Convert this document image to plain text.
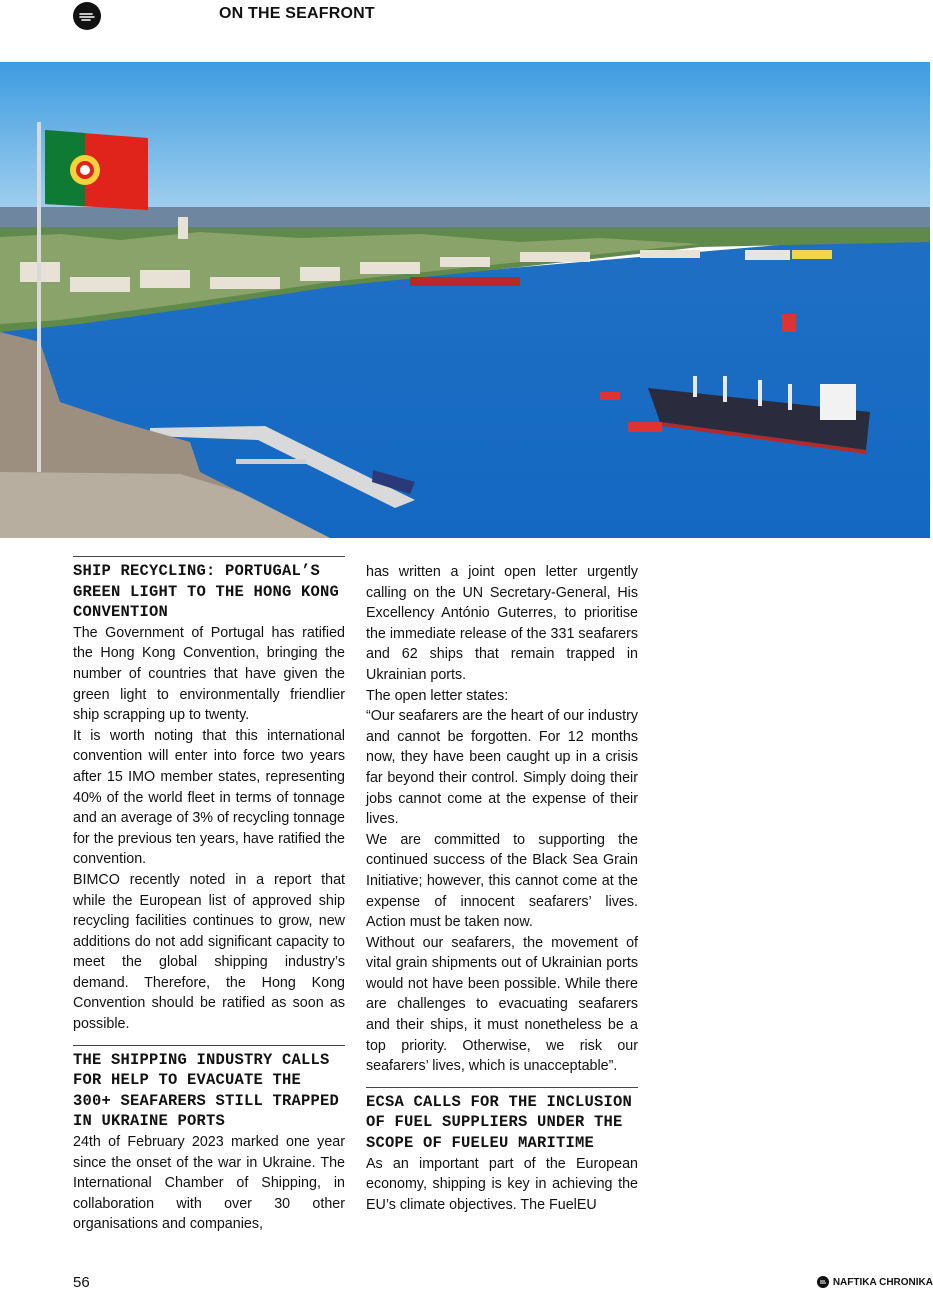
ON THE SEAFRONT
SHIP RECYCLING: PORTUGAL’S GREEN LIGHT TO THE HONG KONG CONVENTION

The Government of Portugal has ratified the Hong Kong Convention, bringing the number of countries that have given the green light to environmentally friendlier ship scrapping up to twenty.

It is worth noting that this international convention will enter into force two years after 15 IMO member states, representing 40% of the world fleet in terms of tonnage and an average of 3% of recycling tonnage for the previous ten years, have ratified the convention.

BIMCO recently noted in a report that while the European list of approved ship recycling facilities continues to grow, new additions do not add significant capacity to meet the global shipping industry’s demand. Therefore, the Hong Kong Convention should be ratified as soon as possible.

THE SHIPPING INDUSTRY CALLS FOR HELP TO EVACUATE THE 300+ SEAFARERS STILL TRAPPED IN UKRAINE PORTS

24th of February 2023 marked one year since the onset of the war in Ukraine. The International Chamber of Shipping, in collaboration with over 30 other organisations and companies,

has written a joint open letter urgently calling on the UN Secretary-General, His Excellency António Guterres, to prioritise the immediate release of the 331 seafarers and 62 ships that remain trapped in Ukrainian ports.

The open letter states:

“Our seafarers are the heart of our industry and cannot be forgotten. For 12 months now, they have been caught up in a crisis far beyond their control. Simply doing their jobs cannot come at the expense of their lives.

We are committed to supporting the continued success of the Black Sea Grain Initiative; however, this cannot come at the expense of innocent seafarers’ lives. Action must be taken now.

Without our seafarers, the movement of vital grain shipments out of Ukrainian ports would not have been possible. While there are challenges to evacuating seafarers and their ships, it must nonetheless be a top priority. Otherwise, we risk our seafarers’ lives, which is unacceptable”.

ECSA CALLS FOR THE INCLUSION OF FUEL SUPPLIERS UNDER THE SCOPE OF FUELEU MARITIME

As an important part of the European economy, shipping is key in achieving the EU’s climate objectives. The FuelEU

56	NAFTIKA CHRONIKA
